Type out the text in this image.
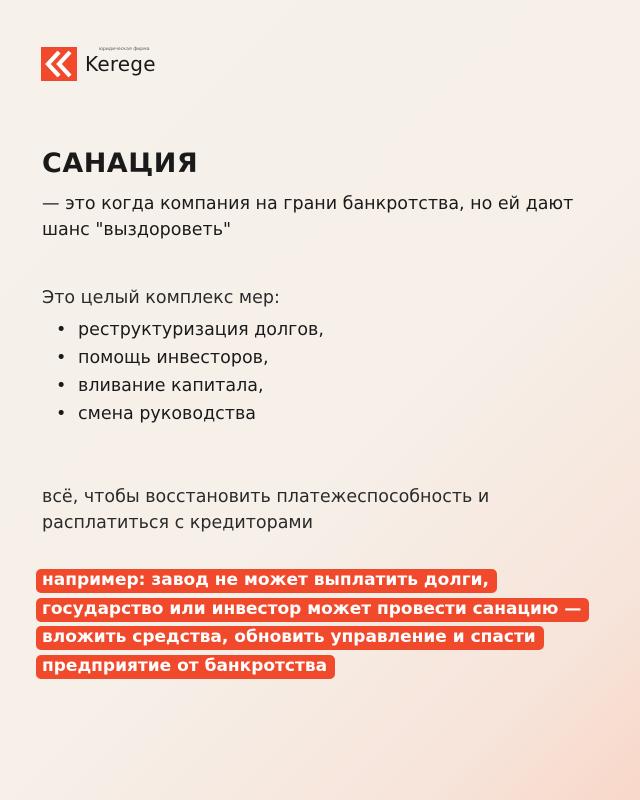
юридическая фирма
Kerege
САНАЦИЯ

— это когда компания на грани банкротства, но ей дают шанс "выздороветь"

Это целый комплекс мер:

• реструктуризация долгов,
• помощь инвесторов,
• вливание капитала,
• смена руководства

всё, чтобы восстановить платежеспособность и расплатиться с кредиторами

например: завод не может выплатить долги, государство или инвестор может провести санацию — вложить средства, обновить управление и спасти предприятие от банкротства
